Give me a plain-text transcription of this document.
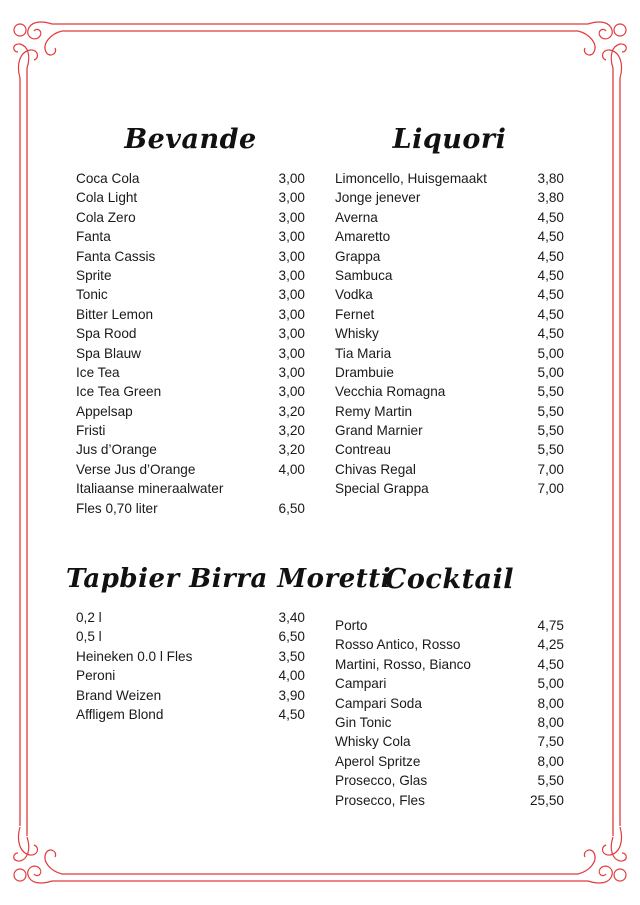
Bevande
Coca Cola	3,00
Cola Light	3,00
Cola Zero	3,00
Fanta	3,00
Fanta Cassis	3,00
Sprite	3,00
Tonic	3,00
Bitter Lemon	3,00
Spa Rood	3,00
Spa Blauw	3,00
Ice Tea	3,00
Ice Tea Green	3,00
Appelsap	3,20
Fristi	3,20
Jus d’Orange	3,20
Verse Jus d’Orange	4,00
Italiaanse mineraalwater
Fles 0,70 liter	6,50
Liquori
Limoncello, Huisgemaakt	3,80
Jonge jenever	3,80
Averna	4,50
Amaretto	4,50
Grappa	4,50
Sambuca	4,50
Vodka	4,50
Fernet	4,50
Whisky	4,50
Tia Maria	5,00
Drambuie	5,00
Vecchia Romagna	5,50
Remy Martin	5,50
Grand Marnier	5,50
Contreau	5,50
Chivas Regal	7,00
Special Grappa	7,00
Tapbier Birra Moretti
0,2 l	3,40
0,5 l	6,50
Heineken 0.0 l Fles	3,50
Peroni	4,00
Brand Weizen	3,90
Affligem Blond	4,50
Cocktail
Porto	4,75
Rosso Antico, Rosso	4,25
Martini, Rosso, Bianco	4,50
Campari	5,00
Campari Soda	8,00
Gin Tonic	8,00
Whisky Cola	7,50
Aperol Spritze	8,00
Prosecco, Glas	5,50
Prosecco, Fles	25,50
